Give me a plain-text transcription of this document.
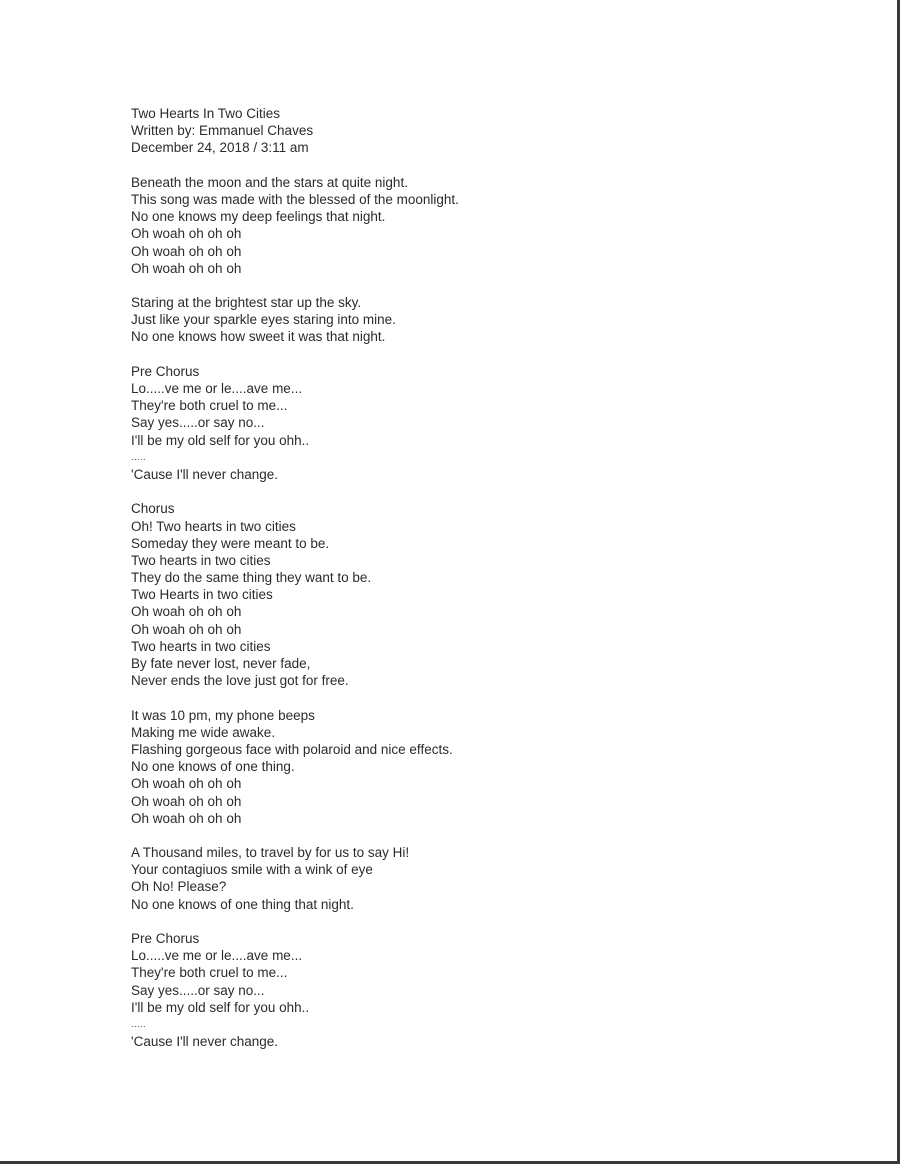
Two Hearts In Two Cities
Written by: Emmanuel Chaves
December 24, 2018 / 3:11 am
Beneath the moon and the stars at quite night.
This song was made with the blessed of the moonlight.
No one knows my deep feelings that night.
Oh woah oh oh oh
Oh woah oh oh oh
Oh woah oh oh oh
Staring at the brightest star up the sky.
Just like your sparkle eyes staring into mine.
No one knows how sweet it was that night.
Pre Chorus
Lo.....ve me or le....ave me...
They're both cruel to me...
Say yes.....or say no...
I'll be my old self for you ohh..
.....
'Cause I'll never change.
Chorus
Oh! Two hearts in two cities
Someday they were meant to be.
Two hearts in two cities
They do the same thing they want to be.
Two Hearts in two cities
Oh woah oh oh oh
Oh woah oh oh oh
Two hearts in two cities
By fate never lost, never fade,
Never ends the love just got for free.
It was 10 pm, my phone beeps
Making me wide awake.
Flashing gorgeous face with polaroid and nice effects.
No one knows of one thing.
Oh woah oh oh oh
Oh woah oh oh oh
Oh woah oh oh oh
A Thousand miles, to travel by for us to say Hi!
Your contagiuos smile with a wink of eye
Oh No! Please?
No one knows of one thing that night.
Pre Chorus
Lo.....ve me or le....ave me...
They're both cruel to me...
Say yes.....or say no...
I'll be my old self for you ohh..
.....
'Cause I'll never change.
